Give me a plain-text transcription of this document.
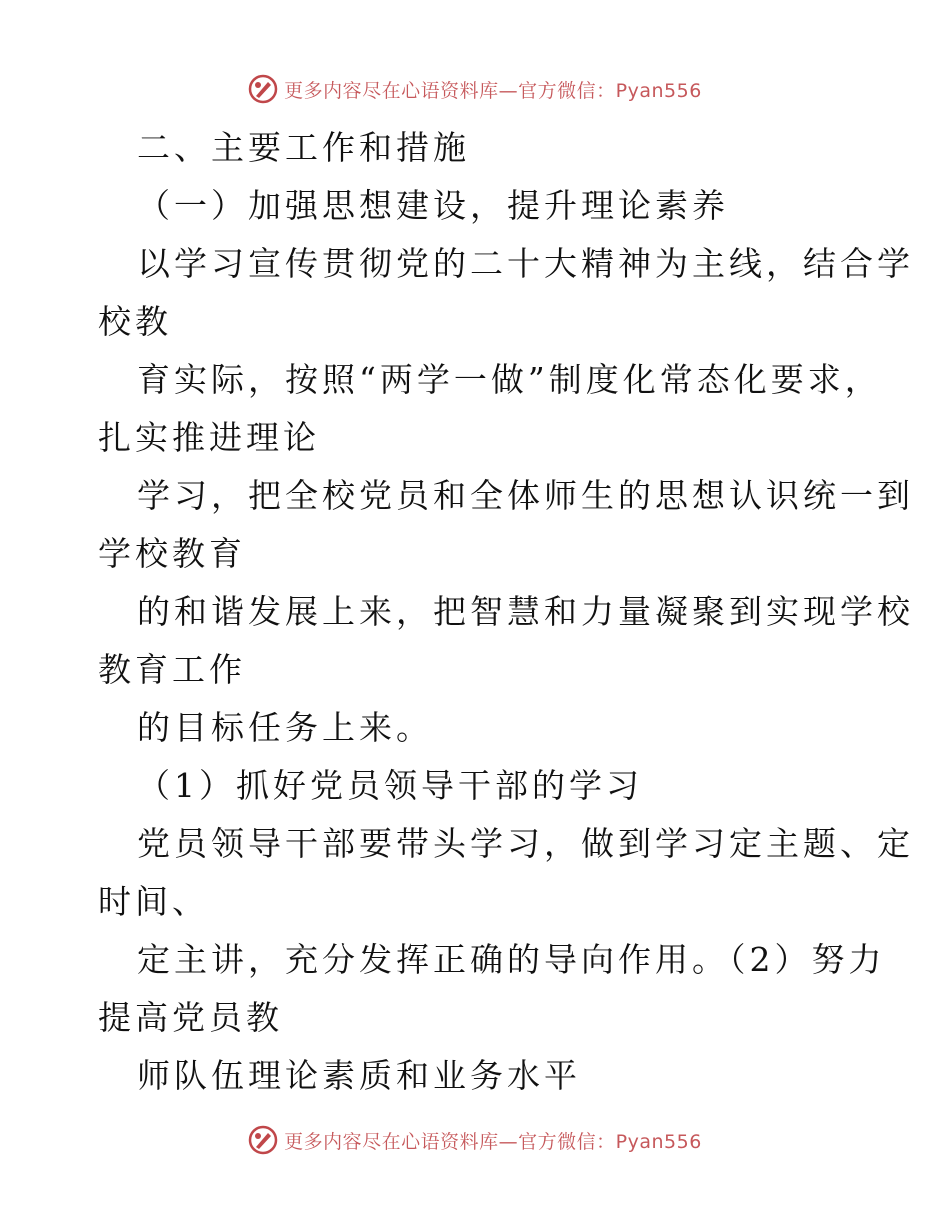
更多内容尽在心语资料库—官方微信：Pyan556
二、主要工作和措施
（一）加强思想建设，提升理论素养
以学习宣传贯彻党的二十大精神为主线，结合学
校教
育实际，按照“两学一做”制度化常态化要求，
扎实推进理论
学习，把全校党员和全体师生的思想认识统一到
学校教育
的和谐发展上来，把智慧和力量凝聚到实现学校
教育工作
的目标任务上来。
（1）抓好党员领导干部的学习
党员领导干部要带头学习，做到学习定主题、定
时间、
定主讲，充分发挥正确的导向作用。（2）努力
提高党员教
师队伍理论素质和业务水平
更多内容尽在心语资料库—官方微信：Pyan556
